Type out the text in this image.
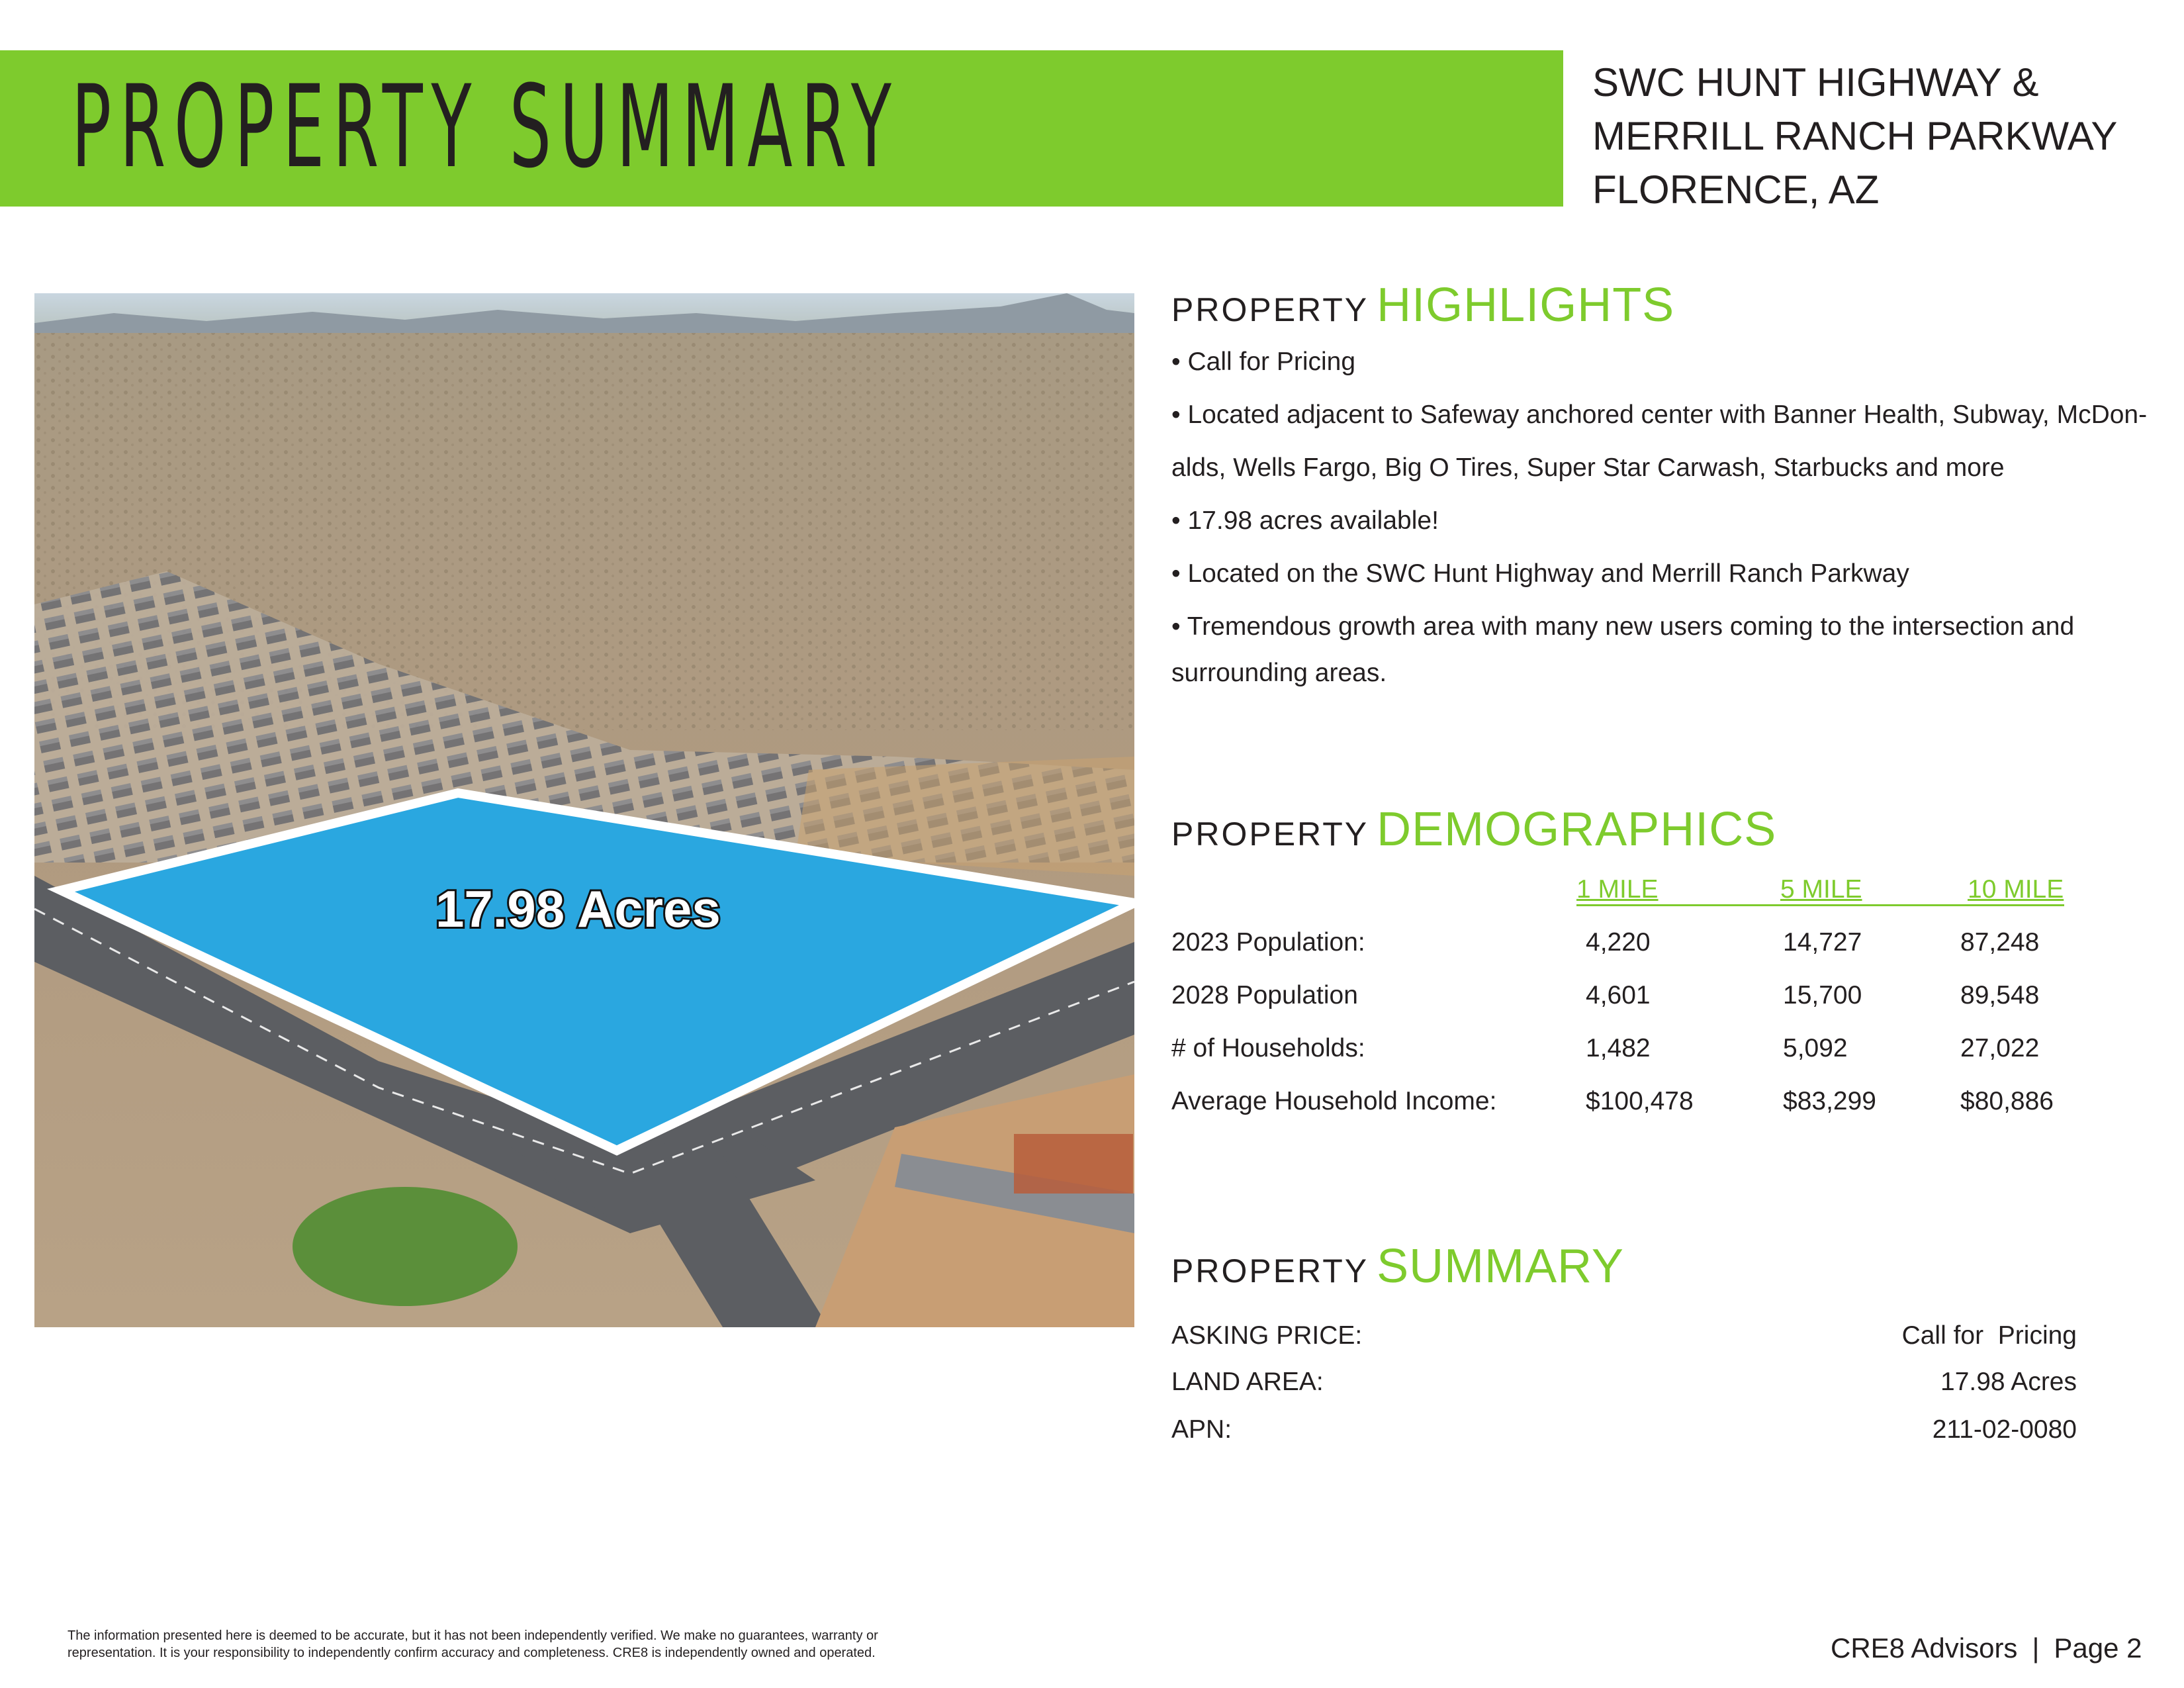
PROPERTY SUMMARY	SWC HUNT HIGHWAY &
MERRILL RANCH PARKWAY
FLORENCE, AZ
17.98 Acres
PROPERTY HIGHLIGHTS
• Call for Pricing
• Located adjacent to Safeway anchored center with Banner Health, Subway, McDon-
alds, Wells Fargo, Big O Tires, Super Star Carwash, Starbucks and more
• 17.98 acres available!
• Located on the SWC Hunt Highway and Merrill Ranch Parkway
• Tremendous growth area with many new users coming to the intersection and
surrounding areas.
PROPERTY DEMOGRAPHICS
1 MILE	5 MILE	10 MILE
2023 Population:	4,220	14,727	87,248
2028 Population	4,601	15,700	89,548
# of Households:	1,482	5,092	27,022
Average Household Income:	$100,478	$83,299	$80,886
PROPERTY SUMMARY
ASKING PRICE:	Call for  Pricing
LAND AREA:	17.98 Acres
APN:	211-02-0080
The information presented here is deemed to be accurate, but it has not been independently verified. We make no guarantees, warranty or
representation. It is your responsibility to independently confirm accuracy and completeness. CRE8 is independently owned and operated.	CRE8 Advisors | Page 2
